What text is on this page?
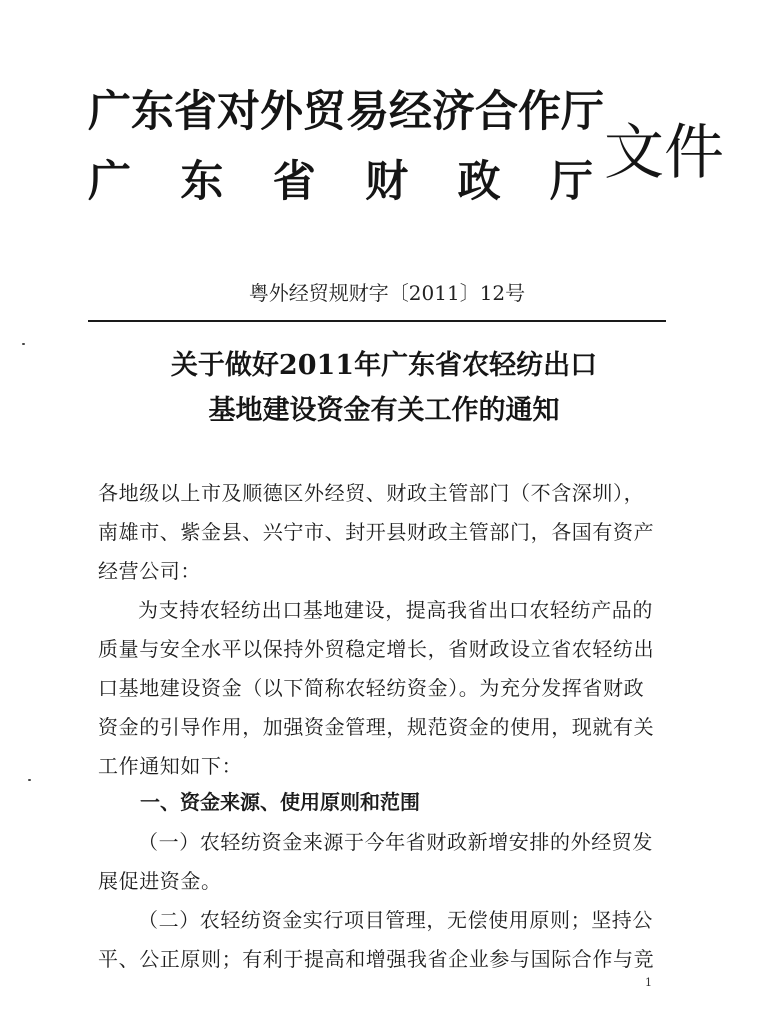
广东省对外贸易经济合作厅
广 东 省 财 政 厅 文件
粤外经贸规财字〔2011〕12号
关于做好2011年广东省农轻纺出口
基地建设资金有关工作的通知
各地级以上市及顺德区外经贸、财政主管部门（不含深圳），
南雄市、紫金县、兴宁市、封开县财政主管部门，各国有资产
经营公司：
为支持农轻纺出口基地建设，提高我省出口农轻纺产品的
质量与安全水平以保持外贸稳定增长，省财政设立省农轻纺出
口基地建设资金（以下简称农轻纺资金）。为充分发挥省财政
资金的引导作用，加强资金管理，规范资金的使用，现就有关
工作通知如下：
一、资金来源、使用原则和范围
（一）农轻纺资金来源于今年省财政新增安排的外经贸发
展促进资金。
（二）农轻纺资金实行项目管理，无偿使用原则；坚持公
平、公正原则；有利于提高和增强我省企业参与国际合作与竞
1
